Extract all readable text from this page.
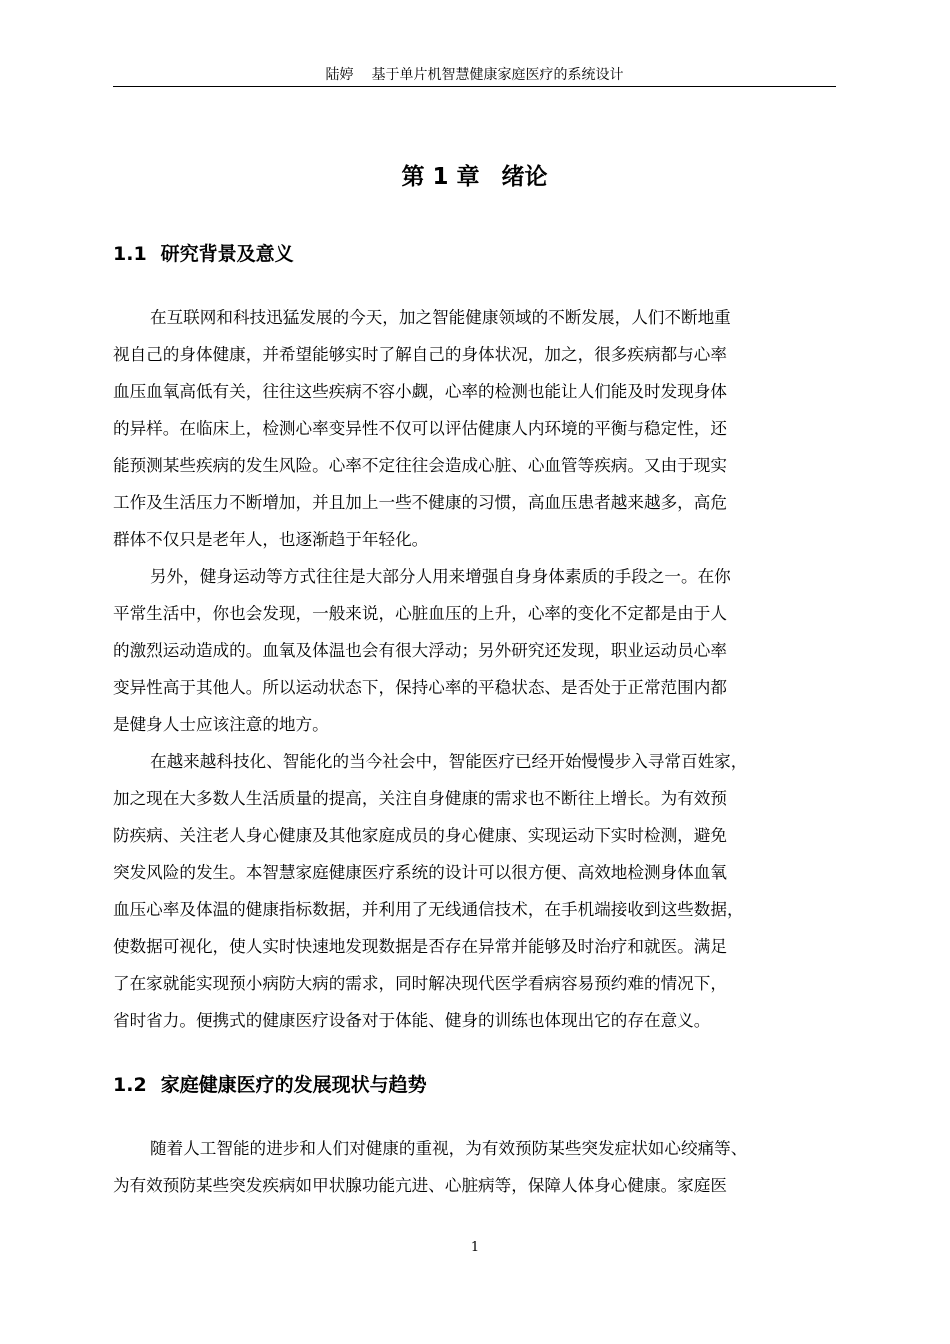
陆婷 基于单片机智慧健康家庭医疗的系统设计
第 1 章 绪论
1.1 研究背景及意义
在互联网和科技迅猛发展的今天，加之智能健康领域的不断发展，人们不断地重
视自己的身体健康，并希望能够实时了解自己的身体状况，加之，很多疾病都与心率
血压血氧高低有关，往往这些疾病不容小觑，心率的检测也能让人们能及时发现身体
的异样。在临床上，检测心率变异性不仅可以评估健康人内环境的平衡与稳定性，还
能预测某些疾病的发生风险。心率不定往往会造成心脏、心血管等疾病。又由于现实
工作及生活压力不断增加，并且加上一些不健康的习惯，高血压患者越来越多，高危
群体不仅只是老年人，也逐渐趋于年轻化。
另外，健身运动等方式往往是大部分人用来增强自身身体素质的手段之一。在你
平常生活中，你也会发现，一般来说，心脏血压的上升，心率的变化不定都是由于人
的激烈运动造成的。血氧及体温也会有很大浮动；另外研究还发现，职业运动员心率
变异性高于其他人。所以运动状态下，保持心率的平稳状态、是否处于正常范围内都
是健身人士应该注意的地方。
在越来越科技化、智能化的当今社会中，智能医疗已经开始慢慢步入寻常百姓家，
加之现在大多数人生活质量的提高，关注自身健康的需求也不断往上增长。为有效预
防疾病、关注老人身心健康及其他家庭成员的身心健康、实现运动下实时检测，避免
突发风险的发生。本智慧家庭健康医疗系统的设计可以很方便、高效地检测身体血氧
血压心率及体温的健康指标数据，并利用了无线通信技术，在手机端接收到这些数据，
使数据可视化，使人实时快速地发现数据是否存在异常并能够及时治疗和就医。满足
了在家就能实现预小病防大病的需求，同时解决现代医学看病容易预约难的情况下，
省时省力。便携式的健康医疗设备对于体能、健身的训练也体现出它的存在意义。
1.2 家庭健康医疗的发展现状与趋势
随着人工智能的进步和人们对健康的重视，为有效预防某些突发症状如心绞痛等、
为有效预防某些突发疾病如甲状腺功能亢进、心脏病等，保障人体身心健康。家庭医
1
